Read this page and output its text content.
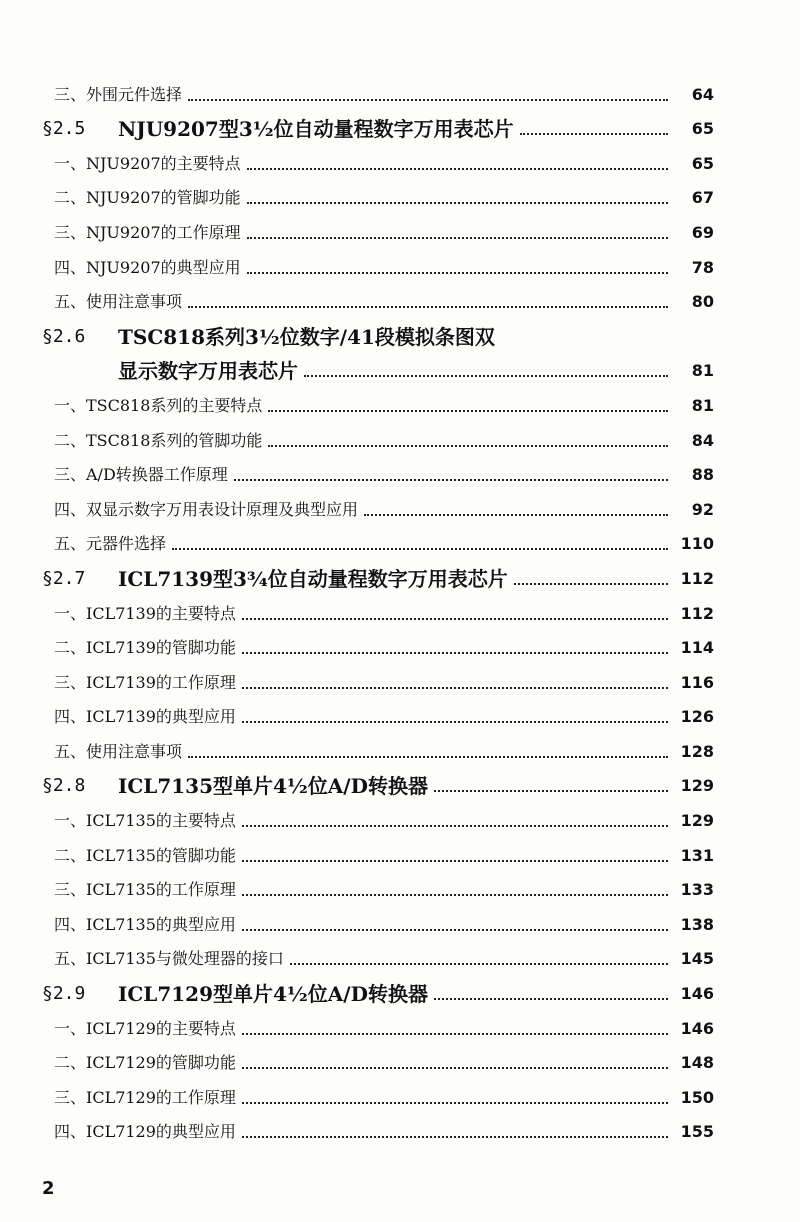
三、外围元件选择	64
§2.5	NJU9207型3½位自动量程数字万用表芯片	65
一、NJU9207的主要特点	65
二、NJU9207的管脚功能	67
三、NJU9207的工作原理	69
四、NJU9207的典型应用	78
五、使用注意事项	80
§2.6	TSC818系列3½位数字/41段模拟条图双
显示数字万用表芯片	81
一、TSC818系列的主要特点	81
二、TSC818系列的管脚功能	84
三、A/D转换器工作原理	88
四、双显示数字万用表设计原理及典型应用	92
五、元器件选择	110
§2.7	ICL7139型3¾位自动量程数字万用表芯片	112
一、ICL7139的主要特点	112
二、ICL7139的管脚功能	114
三、ICL7139的工作原理	116
四、ICL7139的典型应用	126
五、使用注意事项	128
§2.8	ICL7135型单片4½位A/D转换器	129
一、ICL7135的主要特点	129
二、ICL7135的管脚功能	131
三、ICL7135的工作原理	133
四、ICL7135的典型应用	138
五、ICL7135与微处理器的接口	145
§2.9	ICL7129型单片4½位A/D转换器	146
一、ICL7129的主要特点	146
二、ICL7129的管脚功能	148
三、ICL7129的工作原理	150
四、ICL7129的典型应用	155
2
